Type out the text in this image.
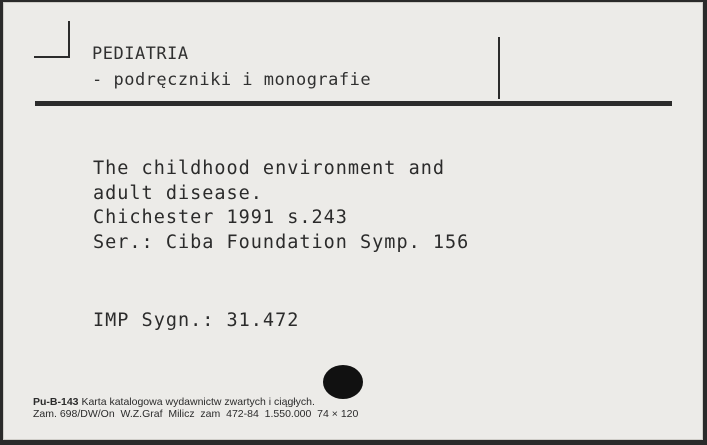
PEDIATRIA
- podręczniki i monografie
The childhood environment and
adult disease.
Chichester 1991 s.243
Ser.: Ciba Foundation Symp. 156
IMP Sygn.: 31.472
Pu-B-143 Karta katalogowa wydawnictw zwartych i ciągłych.
Zam. 698/DW/On  W.Z.Graf  Milicz  zam  472-84  1.550.000  74 × 120
